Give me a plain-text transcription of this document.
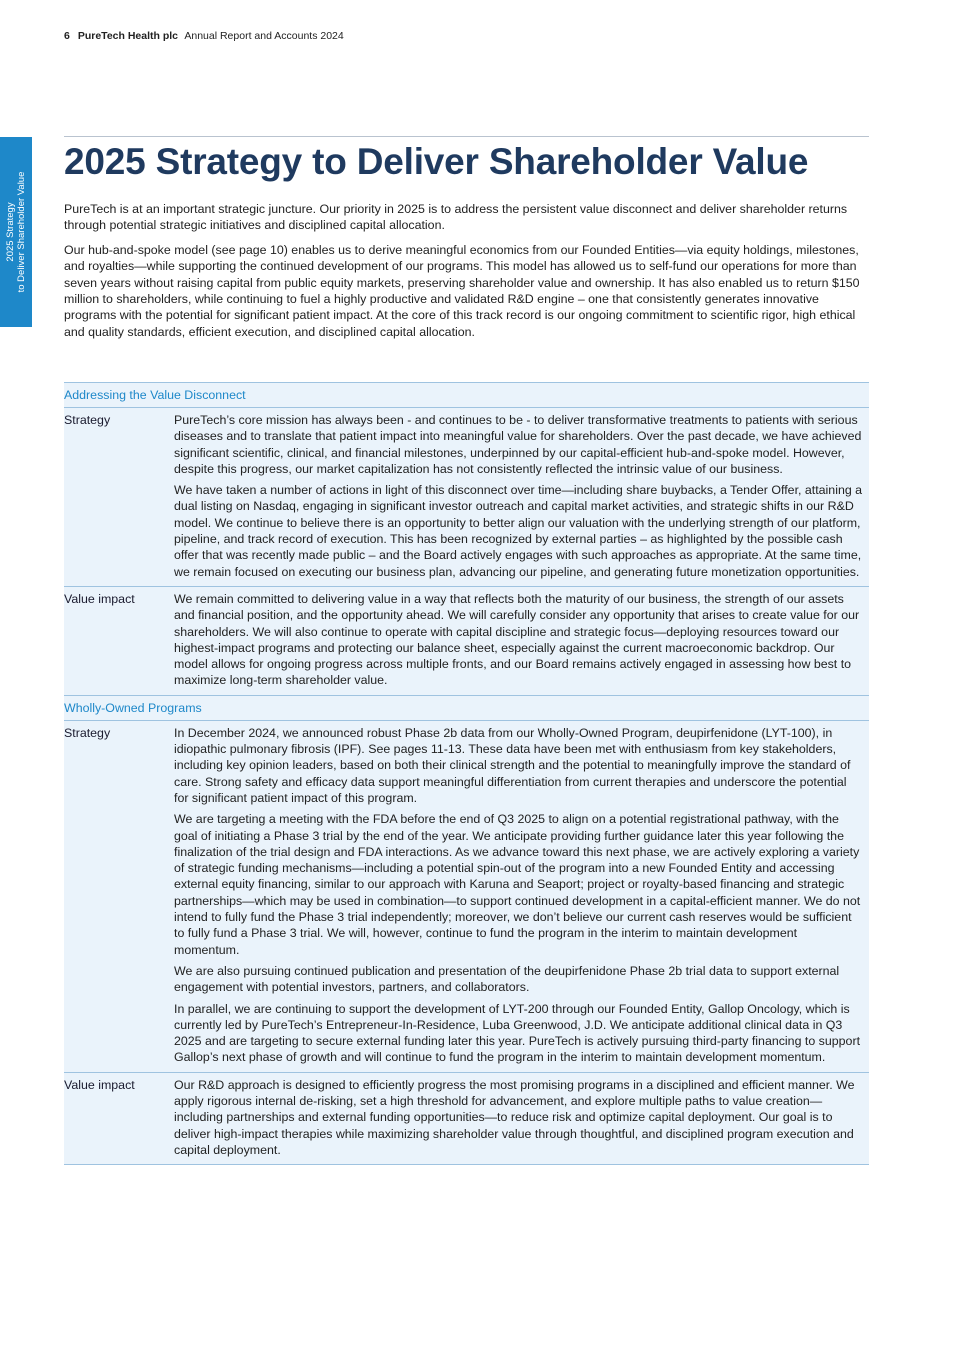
6 PureTech Health plc Annual Report and Accounts 2024
2025 Strategy to Deliver Shareholder Value
2025 Strategy to Deliver Shareholder Value

PureTech is at an important strategic juncture. Our priority in 2025 is to address the persistent value disconnect and deliver shareholder returns through potential strategic initiatives and disciplined capital allocation.

Our hub-and-spoke model (see page 10) enables us to derive meaningful economics from our Founded Entities—via equity holdings, milestones, and royalties—while supporting the continued development of our programs. This model has allowed us to self-fund our operations for more than seven years without raising capital from public equity markets, preserving shareholder value and ownership. It has also enabled us to return $150 million to shareholders, while continuing to fuel a highly productive and validated R&D engine – one that consistently generates innovative programs with the potential for significant patient impact. At the core of this track record is our ongoing commitment to scientific rigor, high ethical and quality standards, efficient execution, and disciplined capital allocation.

Addressing the Value Disconnect
Strategy	PureTech’s core mission has always been - and continues to be - to deliver transformative treatments to patients with serious diseases and to translate that patient impact into meaningful value for shareholders. Over the past decade, we have achieved significant scientific, clinical, and financial milestones, underpinned by our capital-efficient hub-and-spoke model. However, despite this progress, our market capitalization has not consistently reflected the intrinsic value of our business.

We have taken a number of actions in light of this disconnect over time—including share buybacks, a Tender Offer, attaining a dual listing on Nasdaq, engaging in significant investor outreach and capital market activities, and strategic shifts in our R&D model. We continue to believe there is an opportunity to better align our valuation with the underlying strength of our platform, pipeline, and track record of execution. This has been recognized by external parties – as highlighted by the possible cash offer that was recently made public – and the Board actively engages with such approaches as appropriate. At the same time, we remain focused on executing our business plan, advancing our pipeline, and generating future monetization opportunities.

Value impact	We remain committed to delivering value in a way that reflects both the maturity of our business, the strength of our assets and financial position, and the opportunity ahead. We will carefully consider any opportunity that arises to create value for our shareholders. We will also continue to operate with capital discipline and strategic focus—deploying resources toward our highest-impact programs and protecting our balance sheet, especially against the current macroeconomic backdrop. Our model allows for ongoing progress across multiple fronts, and our Board remains actively engaged in assessing how best to maximize long-term shareholder value.

Wholly-Owned Programs
Strategy	In December 2024, we announced robust Phase 2b data from our Wholly-Owned Program, deupirfenidone (LYT-100), in idiopathic pulmonary fibrosis (IPF). See pages 11-13. These data have been met with enthusiasm from key stakeholders, including key opinion leaders, based on both their clinical strength and the potential to meaningfully improve the standard of care. Strong safety and efficacy data support meaningful differentiation from current therapies and underscore the potential for significant patient impact of this program.

We are targeting a meeting with the FDA before the end of Q3 2025 to align on a potential registrational pathway, with the goal of initiating a Phase 3 trial by the end of the year. We anticipate providing further guidance later this year following the finalization of the trial design and FDA interactions. As we advance toward this next phase, we are actively exploring a variety of strategic funding mechanisms—including a potential spin-out of the program into a new Founded Entity and accessing external equity financing, similar to our approach with Karuna and Seaport; project or royalty-based financing and strategic partnerships—which may be used in combination—to support continued development in a capital-efficient manner. We do not intend to fully fund the Phase 3 trial independently; moreover, we don’t believe our current cash reserves would be sufficient to fully fund a Phase 3 trial. We will, however, continue to fund the program in the interim to maintain development momentum.

We are also pursuing continued publication and presentation of the deupirfenidone Phase 2b trial data to support external engagement with potential investors, partners, and collaborators.

In parallel, we are continuing to support the development of LYT-200 through our Founded Entity, Gallop Oncology, which is currently led by PureTech’s Entrepreneur-In-Residence, Luba Greenwood, J.D. We anticipate additional clinical data in Q3 2025 and are targeting to secure external funding later this year. PureTech is actively pursuing third-party financing to support Gallop’s next phase of growth and will continue to fund the program in the interim to maintain development momentum.

Value impact	Our R&D approach is designed to efficiently progress the most promising programs in a disciplined and efficient manner. We apply rigorous internal de-risking, set a high threshold for advancement, and explore multiple paths to value creation—including partnerships and external funding opportunities—to reduce risk and optimize capital deployment. Our goal is to deliver high-impact therapies while maximizing shareholder value through thoughtful, and disciplined program execution and capital deployment.
